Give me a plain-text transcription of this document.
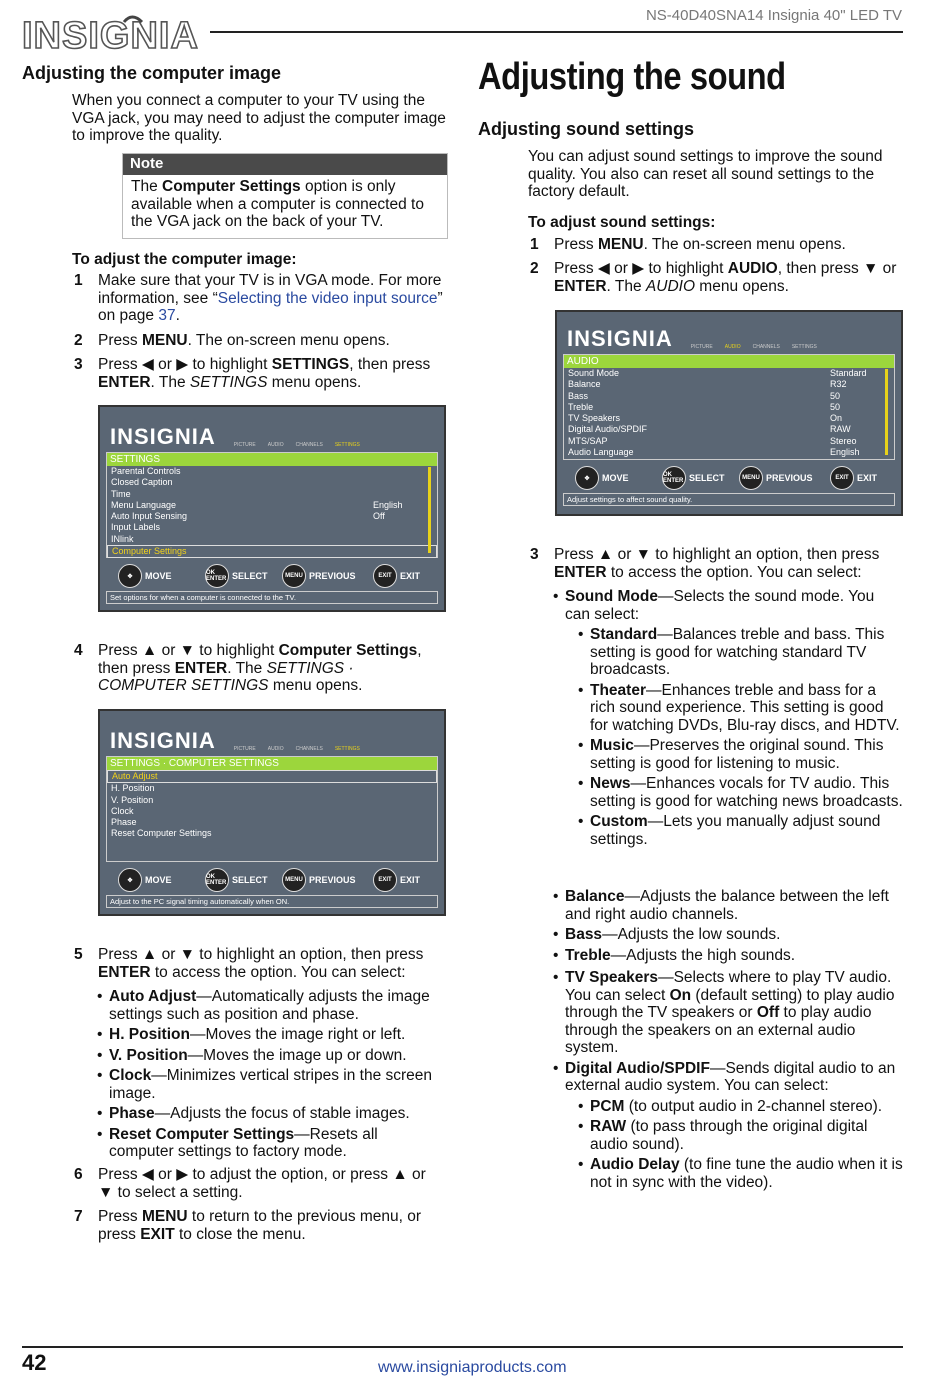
INSIGNIA	NS-40D40SNA14 Insignia 40" LED TV
Adjusting the computer image
When you connect a computer to your TV using the VGA jack, you may need to adjust the computer image to improve the quality.
Note
The Computer Settings option is only available when a computer is connected to the VGA jack on the back of your TV.
To adjust the computer image:
1 Make sure that your TV is in VGA mode. For more information, see “Selecting the video input source” on page 37.
2 Press MENU. The on-screen menu opens.
3 Press ◀ or ▶ to highlight SETTINGS, then press ENTER. The SETTINGS menu opens.
INSIGNIA	PICTURE AUDIO CHANNELS SETTINGS
SETTINGS
Parental Controls
Closed Caption
Time
Menu Language	English
Auto Input Sensing	Off
Input Labels
INlink
Computer Settings
✥	MOVE	OK ENTER SELECT	MENU PREVIOUS	EXIT EXIT
Set options for when a computer is connected to the TV.
4 Press ▲ or ▼ to highlight Computer Settings, then press ENTER. The SETTINGS · COMPUTER SETTINGS menu opens.
INSIGNIA	PICTURE AUDIO CHANNELS SETTINGS
SETTINGS · COMPUTER SETTINGS
Auto Adjust
H. Position
V. Position
Clock
Phase
Reset Computer Settings
✥	MOVE	OK ENTER SELECT	MENU PREVIOUS	EXIT EXIT
Adjust to the PC signal timing automatically when ON.
5 Press ▲ or ▼ to highlight an option, then press ENTER to access the option. You can select:
• Auto Adjust—Automatically adjusts the image settings such as position and phase.
• H. Position—Moves the image right or left.
• V. Position—Moves the image up or down.
• Clock—Minimizes vertical stripes in the screen image.
• Phase—Adjusts the focus of stable images.
• Reset Computer Settings—Resets all computer settings to factory mode.
6 Press ◀ or ▶ to adjust the option, or press ▲ or ▼ to select a setting.
7 Press MENU to return to the previous menu, or press EXIT to close the menu.
Adjusting the sound
Adjusting sound settings
You can adjust sound settings to improve the sound quality. You also can reset all sound settings to the factory default.
To adjust sound settings:
1 Press MENU. The on-screen menu opens.
2 Press ◀ or ▶ to highlight AUDIO, then press ▼ or ENTER. The AUDIO menu opens.
INSIGNIA	PICTURE AUDIO CHANNELS SETTINGS
AUDIO
Sound Mode	Standard
Balance	R32
Bass	50
Treble	50
TV Speakers	On
Digital Audio/SPDIF	RAW
MTS/SAP	Stereo
Audio Language	English
✥	MOVE	OK ENTER SELECT	MENU PREVIOUS	EXIT EXIT
Adjust settings to affect sound quality.
3 Press ▲ or ▼ to highlight an option, then press ENTER to access the option. You can select:
• Sound Mode—Selects the sound mode. You can select:
• Standard—Balances treble and bass. This setting is good for watching standard TV broadcasts.
• Theater—Enhances treble and bass for a rich sound experience. This setting is good for watching DVDs, Blu-ray discs, and HDTV.
• Music—Preserves the original sound. This setting is good for listening to music.
• News—Enhances vocals for TV audio. This setting is good for watching news broadcasts.
• Custom—Lets you manually adjust sound settings.
• Balance—Adjusts the balance between the left and right audio channels.
• Bass—Adjusts the low sounds.
• Treble—Adjusts the high sounds.
• TV Speakers—Selects where to play TV audio. You can select On (default setting) to play audio through the TV speakers or Off to play audio through the speakers on an external audio system.
• Digital Audio/SPDIF—Sends digital audio to an external audio system. You can select:
• PCM (to output audio in 2-channel stereo).
• RAW (to pass through the original digital audio sound).
• Audio Delay (to fine tune the audio when it is not in sync with the video).
42	www.insigniaproducts.com
